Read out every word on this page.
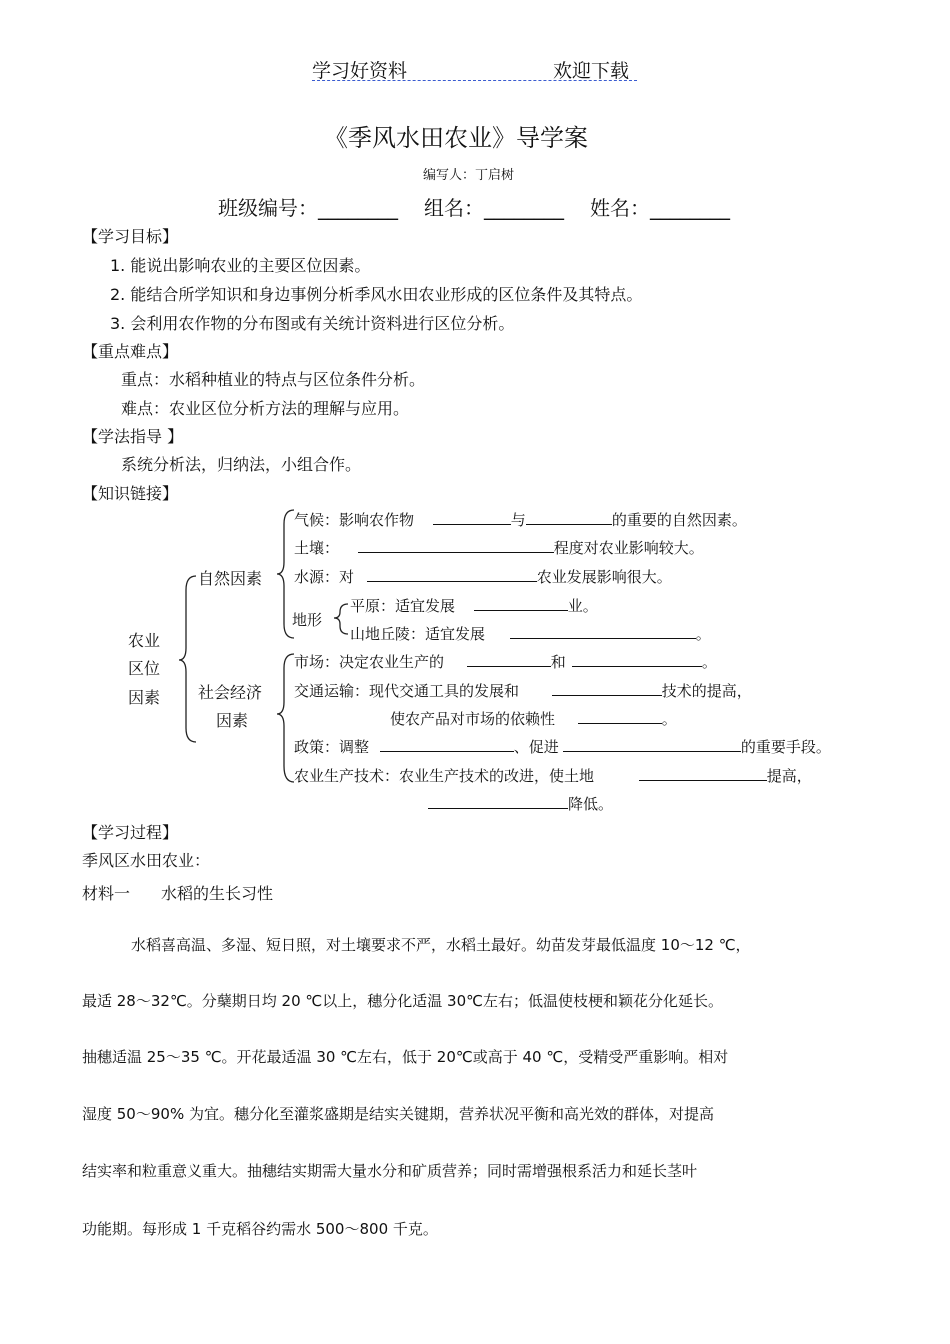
学习好资料	欢迎下载
《季风水田农业》导学案
编写人：丁启树
班级编号：________ 组名：________ 姓名：________
【学习目标】
1. 能说出影响农业的主要区位因素。
2. 能结合所学知识和身边事例分析季风水田农业形成的区位条件及其特点。
3. 会利用农作物的分布图或有关统计资料进行区位分析。
【重点难点】
重点：水稻种植业的特点与区位条件分析。
难点：农业区位分析方法的理解与应用。
【学法指导 】
系统分析法，归纳法，小组合作。
【知识链接】
农业
区位
因素
自然因素
社会经济
因素
气候：影响农作物	与	的重要的自然因素。
土壤：	程度对农业影响较大。
水源：对	农业发展影响很大。
地形
平原：适宜发展	业。
山地丘陵：适宜发展	。
市场：决定农业生产的	和	。
交通运输：现代交通工具的发展和	技术的提高，
使农产品对市场的依赖性	。
政策：调整	、促进	的重要手段。
农业生产技术：农业生产技术的改进，使土地	提高，
降低。
【学习过程】
季风区水田农业：
材料一 水稻的生长习性
水稻喜高温、多湿、短日照，对土壤要求不严，水稻土最好。幼苗发芽最低温度 10～12 ℃，
最适 28～32℃。分蘖期日均 20 ℃以上，穗分化适温 30℃左右；低温使枝梗和颖花分化延长。
抽穗适温 25～35 ℃。开花最适温 30 ℃左右，低于 20℃或高于 40 ℃，受精受严重影响。相对
湿度 50～90% 为宜。穗分化至灌浆盛期是结实关键期，营养状况平衡和高光效的群体，对提高
结实率和粒重意义重大。抽穗结实期需大量水分和矿质营养；同时需增强根系活力和延长茎叶
功能期。每形成 1 千克稻谷约需水 500～800 千克。
